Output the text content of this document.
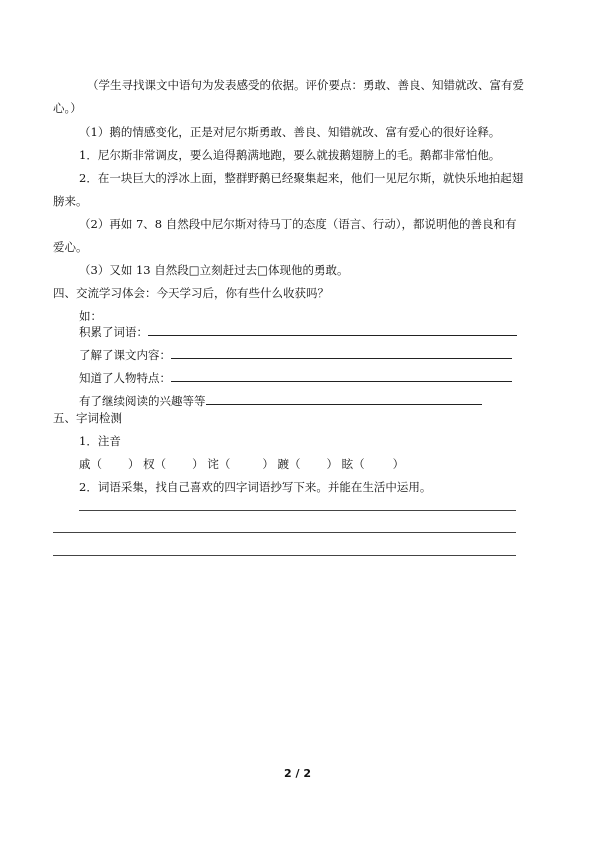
（学生寻找课文中语句为发表感受的依据。评价要点：勇敢、善良、知错就改、富有爱
心。）
（1）鹅的情感变化，正是对尼尔斯勇敢、善良、知错就改、富有爱心的很好诠释。
1．尼尔斯非常调皮，要么追得鹅满地跑，要么就拔鹅翅膀上的毛。鹅都非常怕他。
2．在一块巨大的浮冰上面，整群野鹅已经聚集起来，他们一见尼尔斯，就快乐地拍起翅
膀来。
（2）再如 7、8 自然段中尼尔斯对待马丁的态度（语言、行动），都说明他的善良和有
爱心。
（3）又如 13 自然段□立刻赶过去□体现他的勇敢。
四、交流学习体会：今天学习后，你有些什么收获吗？
如：
积累了词语：
了解了课文内容：
知道了人物特点：
有了继续阅读的兴趣等等
五、字词检测
1．注音
戚（ ） 杈（ ） 诧（	） 踱（ ） 眩（ ）
2．词语采集，找自己喜欢的四字词语抄写下来。并能在生活中运用。
2 / 2
